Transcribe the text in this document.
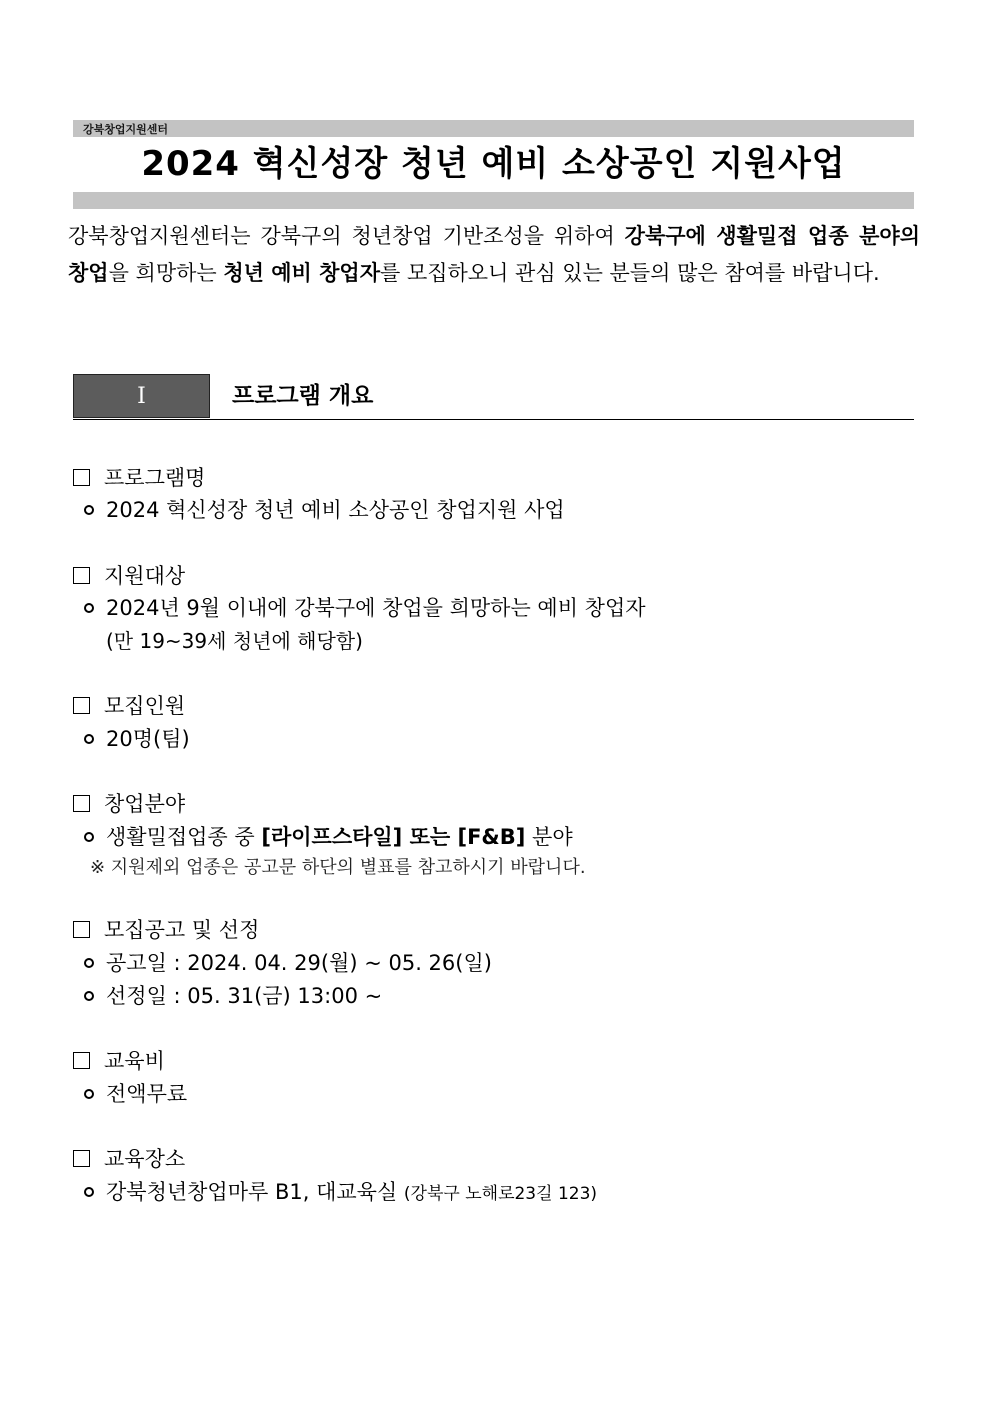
강북창업지원센터
2024 혁신성장 청년 예비 소상공인 지원사업
강북창업지원센터는 강북구의 청년창업 기반조성을 위하여 강북구에 생활밀접 업종 분야의 창업을 희망하는 청년 예비 창업자를 모집하오니 관심 있는 분들의 많은 참여를 바랍니다.
Ⅰ	프로그램 개요
프로그램명
2024 혁신성장 청년 예비 소상공인 창업지원 사업
지원대상
2024년 9월 이내에 강북구에 창업을 희망하는 예비 창업자
(만 19~39세 청년에 해당함)
모집인원
20명(팀)
창업분야
생활밀접업종 중 [라이프스타일] 또는 [F&B] 분야
※ 지원제외 업종은 공고문 하단의 별표를 참고하시기 바랍니다.
모집공고 및 선정
공고일 : 2024. 04. 29(월) ~ 05. 26(일)
선정일 : 05. 31(금) 13:00 ~
교육비
전액무료
교육장소
강북청년창업마루 B1, 대교육실 (강북구 노해로23길 123)
